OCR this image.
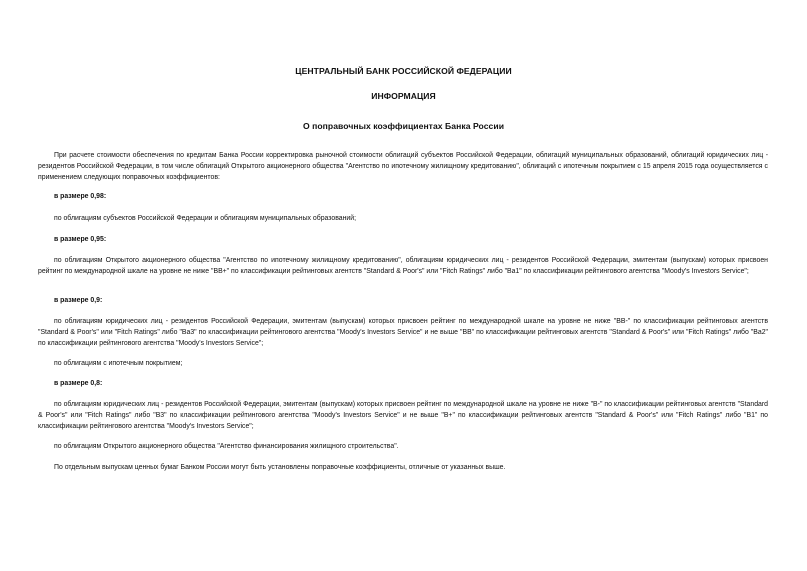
ЦЕНТРАЛЬНЫЙ БАНК РОССИЙСКОЙ ФЕДЕРАЦИИ
ИНФОРМАЦИЯ
О поправочных коэффициентах Банка России

При расчете стоимости обеспечения по кредитам Банка России корректировка рыночной стоимости облигаций субъектов Российской Федерации, облигаций муниципальных образований, облигаций юридических лиц - резидентов Российской Федерации, в том числе облигаций Открытого акционерного общества "Агентство по ипотечному жилищному кредитованию", облигаций с ипотечным покрытием с 15 апреля 2015 года осуществляется с применением следующих поправочных коэффициентов:

в размере 0,98:

по облигациям субъектов Российской Федерации и облигациям муниципальных образований;

в размере 0,95:

по облигациям Открытого акционерного общества "Агентство по ипотечному жилищному кредитованию", облигациям юридических лиц - резидентов Российской Федерации, эмитентам (выпускам) которых присвоен рейтинг по международной шкале на уровне не ниже "BB+" по классификации рейтинговых агентств "Standard & Poor's" или "Fitch Ratings" либо "Ba1" по классификации рейтингового агентства "Moody's Investors Service";

в размере 0,9:

по облигациям юридических лиц - резидентов Российской Федерации, эмитентам (выпускам) которых присвоен рейтинг по международной шкале на уровне не ниже "BB-" по классификации рейтинговых агентств "Standard & Poor's" или "Fitch Ratings" либо "Ba3" по классификации рейтингового агентства "Moody's Investors Service" и не выше "BB" по классификации рейтинговых агентств "Standard & Poor's" или "Fitch Ratings" либо "Ba2" по классификации рейтингового агентства "Moody's Investors Service";

по облигациям с ипотечным покрытием;

в размере 0,8:

по облигациям юридических лиц - резидентов Российской Федерации, эмитентам (выпускам) которых присвоен рейтинг по международной шкале на уровне не ниже "B-" по классификации рейтинговых агентств "Standard & Poor's" или "Fitch Ratings" либо "B3" по классификации рейтингового агентства "Moody's Investors Service" и не выше "B+" по классификации рейтинговых агентств "Standard & Poor's" или "Fitch Ratings" либо "B1" по классификации рейтингового агентства "Moody's Investors Service";

по облигациям Открытого акционерного общества "Агентство финансирования жилищного строительства".

По отдельным выпускам ценных бумаг Банком России могут быть установлены поправочные коэффициенты, отличные от указанных выше.
